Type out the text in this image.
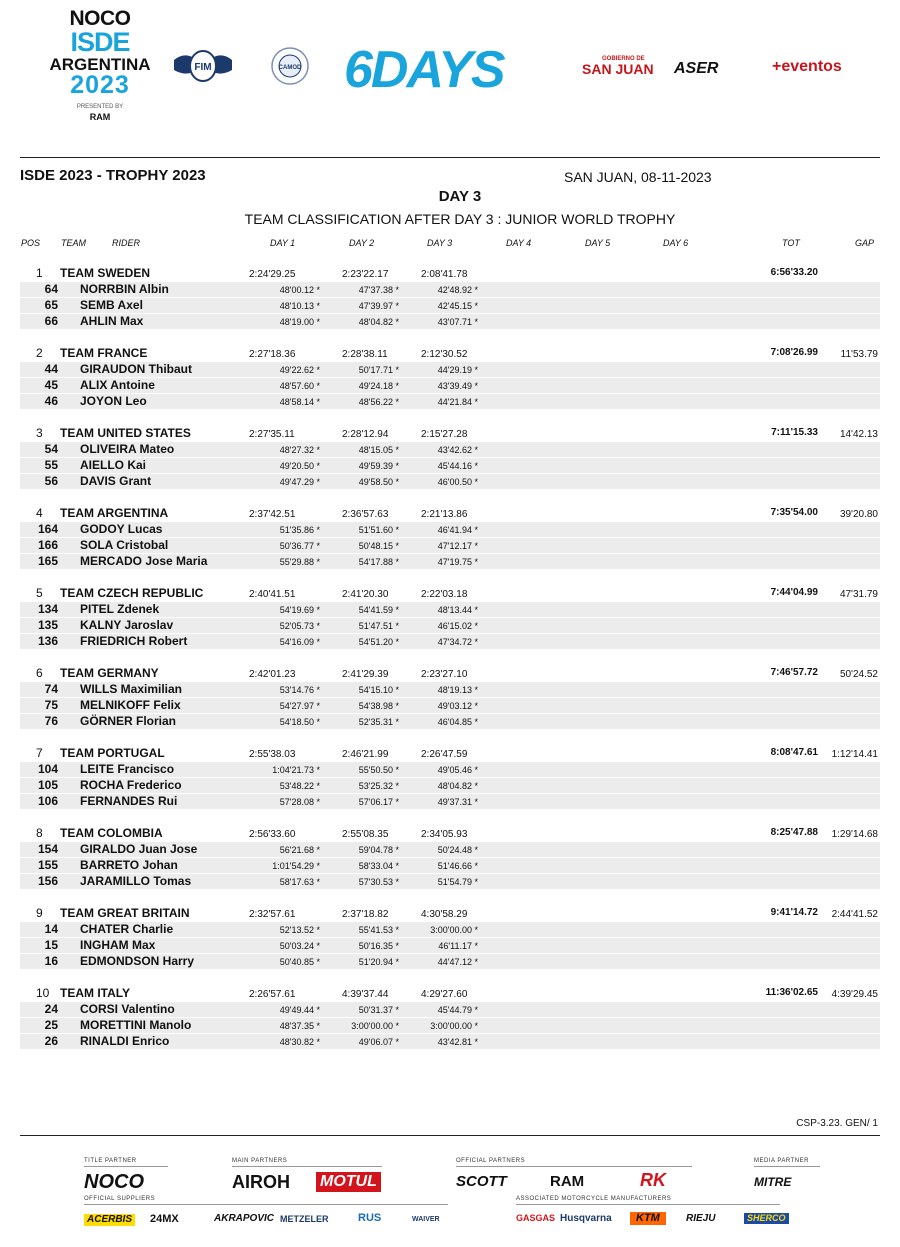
NOCO
ISDE
ARGENTINA
2023
PRESENTED BY
RAM
FIM	CAMOD 6DAYS	GOBIERNO DE
SAN JUAN ASER	+eventos
ISDE 2023 - TROPHY 2023	SAN JUAN, 08-11-2023
DAY 3
TEAM CLASSIFICATION AFTER DAY 3 : JUNIOR WORLD TROPHY
POS TEAM	RIDER	DAY 1	DAY 2	DAY 3	DAY 4	DAY 5	DAY 6	TOT	GAP
1 TEAM SWEDEN	2:24'29.25	2:23'22.17	2:08'41.78	6:56'33.20
64 NORRBIN Albin	48'00.12 *	47'37.38 *	42'48.92 *
65 SEMB Axel	48'10.13 *	47'39.97 *	42'45.15 *
66 AHLIN Max	48'19.00 *	48'04.82 *	43'07.71 *
2 TEAM FRANCE	2:27'18.36	2:28'38.11	2:12'30.52	7:08'26.99 11'53.79
44 GIRAUDON Thibaut	49'22.62 *	50'17.71 *	44'29.19 *
45 ALIX Antoine	48'57.60 *	49'24.18 *	43'39.49 *
46 JOYON Leo	48'58.14 *	48'56.22 *	44'21.84 *
3 TEAM UNITED STATES	2:27'35.11	2:28'12.94	2:15'27.28	7:11'15.33 14'42.13
54 OLIVEIRA Mateo	48'27.32 *	48'15.05 *	43'42.62 *
55 AIELLO Kai	49'20.50 *	49'59.39 *	45'44.16 *
56 DAVIS Grant	49'47.29 *	49'58.50 *	46'00.50 *
4 TEAM ARGENTINA	2:37'42.51	2:36'57.63	2:21'13.86	7:35'54.00 39'20.80
164 GODOY Lucas	51'35.86 *	51'51.60 *	46'41.94 *
166 SOLA Cristobal	50'36.77 *	50'48.15 *	47'12.17 *
165 MERCADO Jose Maria	55'29.88 *	54'17.88 *	47'19.75 *
5 TEAM CZECH REPUBLIC	2:40'41.51	2:41'20.30	2:22'03.18	7:44'04.99 47'31.79
134 PITEL Zdenek	54'19.69 *	54'41.59 *	48'13.44 *
135 KALNY Jaroslav	52'05.73 *	51'47.51 *	46'15.02 *
136 FRIEDRICH Robert	54'16.09 *	54'51.20 *	47'34.72 *
6 TEAM GERMANY	2:42'01.23	2:41'29.39	2:23'27.10	7:46'57.72 50'24.52
74 WILLS Maximilian	53'14.76 *	54'15.10 *	48'19.13 *
75 MELNIKOFF Felix	54'27.97 *	54'38.98 *	49'03.12 *
76 GÖRNER Florian	54'18.50 *	52'35.31 *	46'04.85 *
7 TEAM PORTUGAL	2:55'38.03	2:46'21.99	2:26'47.59	8:08'47.61 1:12'14.41
104 LEITE Francisco	1:04'21.73 *	55'50.50 *	49'05.46 *
105 ROCHA Frederico	53'48.22 *	53'25.32 *	48'04.82 *
106 FERNANDES Rui	57'28.08 *	57'06.17 *	49'37.31 *
8 TEAM COLOMBIA	2:56'33.60	2:55'08.35	2:34'05.93	8:25'47.88 1:29'14.68
154 GIRALDO Juan Jose	56'21.68 *	59'04.78 *	50'24.48 *
155 BARRETO Johan	1:01'54.29 *	58'33.04 *	51'46.66 *
156 JARAMILLO Tomas	58'17.63 *	57'30.53 *	51'54.79 *
9 TEAM GREAT BRITAIN	2:32'57.61	2:37'18.82	4:30'58.29	9:41'14.72 2:44'41.52
14 CHATER Charlie	52'13.52 *	55'41.53 *	3:00'00.00 *
15 INGHAM Max	50'03.24 *	50'16.35 *	46'11.17 *
16 EDMONDSON Harry	50'40.85 *	51'20.94 *	44'47.12 *
10 TEAM ITALY	2:26'57.61	4:39'37.44	4:29'27.60	11:36'02.65 4:39'29.45
24 CORSI Valentino	49'49.44 *	50'31.37 *	45'44.79 *
25 MORETTINI Manolo	48'37.35 *	3:00'00.00 *	3:00'00.00 *
26 RINALDI Enrico	48'30.82 *	49'06.07 *	43'42.81 *
CSP-3.23. GEN/ 1
TITLE PARTNER
NOCO
MAIN PARTNERS
AIROH MOTUL
OFFICIAL PARTNERS
SCOTT	RAM	RK
MEDIA PARTNER
MITRE
OFFICIAL SUPPLIERS
ACERBIS 24MX	AKRAPOVIC METZELER	RUS	WAIVER
ASSOCIATED MOTORCYCLE MANUFACTURERS
GASGAS Husqvarna	KTM	RIEJU	SHERCO
